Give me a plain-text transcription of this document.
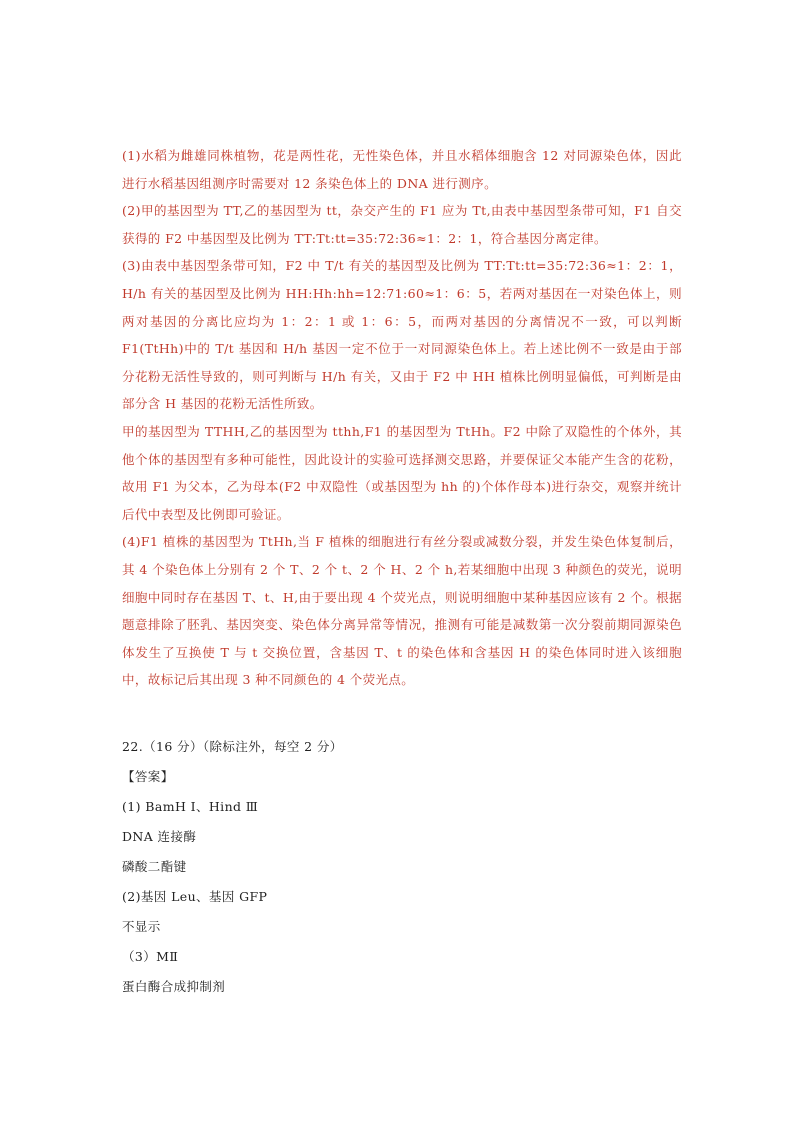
(1)水稻为雌雄同株植物，花是两性花，无性染色体，并且水稻体细胞含 12 对同源染色体，因此进行水稻基因组测序时需要对 12 条染色体上的 DNA 进行测序。

(2)甲的基因型为 TT,乙的基因型为 tt，杂交产生的 F1 应为 Tt,由表中基因型条带可知，F1 自交获得的 F2 中基因型及比例为 TT:Tt:tt=35:72:36≈1：2：1，符合基因分离定律。

(3)由表中基因型条带可知，F2 中 T/t 有关的基因型及比例为 TT:Tt:tt=35:72:36≈1：2：1，H/h 有关的基因型及比例为 HH:Hh:hh=12:71:60≈1：6：5，若两对基因在一对染色体上，则两对基因的分离比应均为 1：2：1 或 1：6：5，而两对基因的分离情况不一致，可以判断 F1(TtHh)中的 T/t 基因和 H/h 基因一定不位于一对同源染色体上。若上述比例不一致是由于部分花粉无活性导致的，则可判断与 H/h 有关，又由于 F2 中 HH 植株比例明显偏低，可判断是由部分含 H 基因的花粉无活性所致。

甲的基因型为 TTHH,乙的基因型为 tthh,F1 的基因型为 TtHh。F2 中除了双隐性的个体外，其他个体的基因型有多种可能性，因此设计的实验可选择测交思路，并要保证父本能产生含的花粉，故用 F1 为父本，乙为母本(F2 中双隐性（或基因型为 hh 的)个体作母本)进行杂交，观察并统计后代中表型及比例即可验证。

(4)F1 植株的基因型为 TtHh,当 F 植株的细胞进行有丝分裂或减数分裂，并发生染色体复制后，其 4 个染色体上分别有 2 个 T、2 个 t、2 个 H、2 个 h,若某细胞中出现 3 种颜色的荧光，说明细胞中同时存在基因 T、t、H,由于要出现 4 个荧光点，则说明细胞中某种基因应该有 2 个。根据题意排除了胚乳、基因突变、染色体分离异常等情况，推测有可能是减数第一次分裂前期同源染色体发生了互换使 T 与 t 交换位置，含基因 T、t 的染色体和含基因 H 的染色体同时进入该细胞中，故标记后其出现 3 种不同颜色的 4 个荧光点。

22.（16 分）（除标注外，每空 2 分）

【答案】

(1) BamH I、Hind Ⅲ

DNA 连接酶

磷酸二酯键

(2)基因 Leu、基因 GFP

不显示

（3）MⅡ

蛋白酶合成抑制剂
